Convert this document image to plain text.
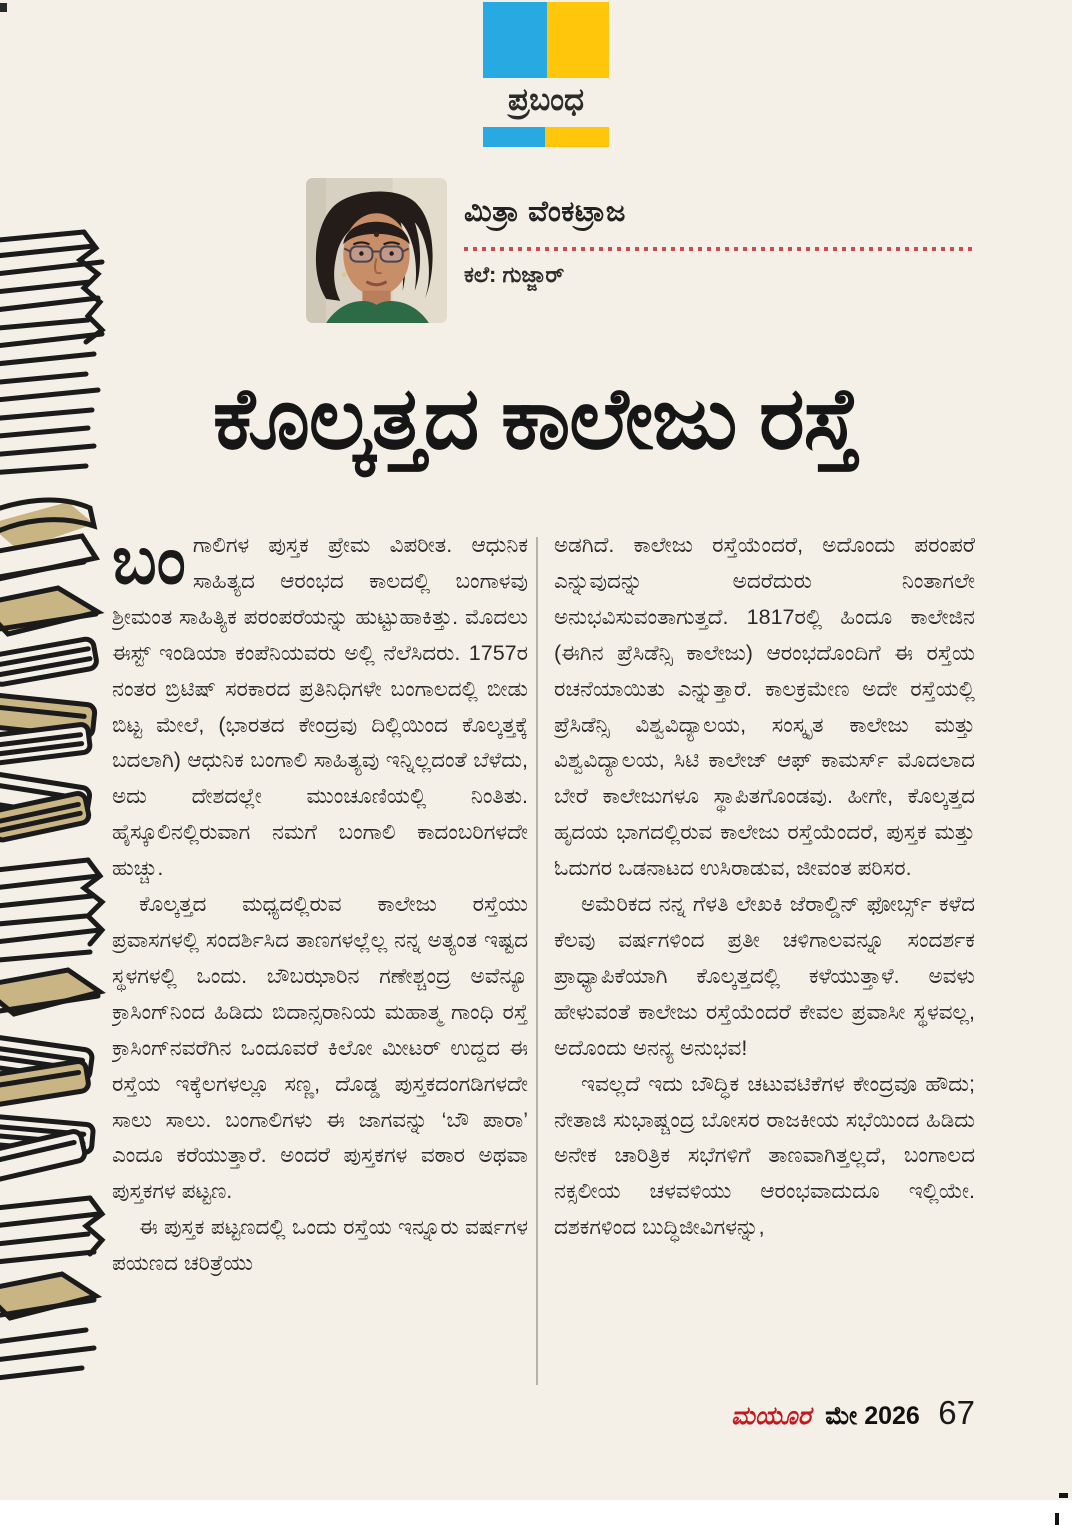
ಪ್ರಬಂಧ
ಮಿತ್ರಾ ವೆಂಕಟ್ರಾಜ
ಕಲೆ: ಗುಜ್ಜಾರ್
ಕೊಲ್ಕತ್ತದ ಕಾಲೇಜು ರಸ್ತೆ

ಬಂಗಾಲಿಗಳ ಪುಸ್ತಕ ಪ್ರೇಮ ವಿಪರೀತ. ಆಧುನಿಕ ಸಾಹಿತ್ಯದ ಆರಂಭದ ಕಾಲದಲ್ಲಿ ಬಂಗಾಳವು ಶ್ರೀಮಂತ ಸಾಹಿತ್ಯಿಕ ಪರಂಪರೆಯನ್ನು ಹುಟ್ಟುಹಾಕಿತ್ತು. ಮೊದಲು ಈಸ್ಟ್ ಇಂಡಿಯಾ ಕಂಪೆನಿಯವರು ಅಲ್ಲಿ ನೆಲೆಸಿದರು. 1757ರ ನಂತರ ಬ್ರಿಟಿಷ್ ಸರಕಾರದ ಪ್ರತಿನಿಧಿಗಳೇ ಬಂಗಾಲದಲ್ಲಿ ಬೀಡು ಬಿಟ್ಟ ಮೇಲೆ, (ಭಾರತದ ಕೇಂದ್ರವು ದಿಲ್ಲಿಯಿಂದ ಕೊಲ್ಕತ್ತಕ್ಕೆ ಬದಲಾಗಿ) ಆಧುನಿಕ ಬಂಗಾಲಿ ಸಾಹಿತ್ಯವು ಇನ್ನಿಲ್ಲದಂತೆ ಬೆಳೆದು, ಅದು ದೇಶದಲ್ಲೇ ಮುಂಚೂಣಿಯಲ್ಲಿ ನಿಂತಿತು. ಹೈಸ್ಕೂಲಿನಲ್ಲಿರುವಾಗ ನಮಗೆ ಬಂಗಾಲಿ ಕಾದಂಬರಿಗಳದೇ ಹುಚ್ಚು.

ಕೊಲ್ಕತ್ತದ ಮಧ್ಯದಲ್ಲಿರುವ ಕಾಲೇಜು ರಸ್ತೆಯು ಪ್ರವಾಸಗಳಲ್ಲಿ ಸಂದರ್ಶಿಸಿದ ತಾಣಗಳಲ್ಲೆಲ್ಲ ನನ್ನ ಅತ್ಯಂತ ಇಷ್ಟದ ಸ್ಥಳಗಳಲ್ಲಿ ಒಂದು. ಬೌಬಝಾರಿನ ಗಣೇಶ್ಚಂದ್ರ ಅವೆನ್ಯೂ ಕ್ರಾಸಿಂಗ್‌ನಿಂದ ಹಿಡಿದು ಬಿದಾನ್ಸರಾನಿಯ ಮಹಾತ್ಮ ಗಾಂಧಿ ರಸ್ತೆ ಕ್ರಾಸಿಂಗ್‌ನವರೆಗಿನ ಒಂದೂವರೆ ಕಿಲೋ ಮೀಟರ್ ಉದ್ದದ ಈ ರಸ್ತೆಯ ಇಕ್ಕೆಲಗಳಲ್ಲೂ ಸಣ್ಣ, ದೊಡ್ಡ ಪುಸ್ತಕದಂಗಡಿಗಳದೇ ಸಾಲು ಸಾಲು. ಬಂಗಾಲಿಗಳು ಈ ಜಾಗವನ್ನು ‘ಬೌ ಪಾರಾ’ ಎಂದೂ ಕರೆಯುತ್ತಾರೆ. ಅಂದರೆ ಪುಸ್ತಕಗಳ ವಠಾರ ಅಥವಾ ಪುಸ್ತಕಗಳ ಪಟ್ಟಣ.

ಈ ಪುಸ್ತಕ ಪಟ್ಟಣದಲ್ಲಿ ಒಂದು ರಸ್ತೆಯ ಇನ್ನೂರು ವರ್ಷಗಳ ಪಯಣದ ಚರಿತ್ರೆಯು

ಅಡಗಿದೆ. ಕಾಲೇಜು ರಸ್ತೆಯೆಂದರೆ, ಅದೊಂದು ಪರಂಪರೆ ಎನ್ನುವುದನ್ನು ಅದರೆದುರು ನಿಂತಾಗಲೇ ಅನುಭವಿಸುವಂತಾಗುತ್ತದೆ. 1817ರಲ್ಲಿ ಹಿಂದೂ ಕಾಲೇಜಿನ (ಈಗಿನ ಪ್ರೆಸಿಡೆನ್ಸಿ ಕಾಲೇಜು) ಆರಂಭದೊಂದಿಗೆ ಈ ರಸ್ತೆಯ ರಚನೆಯಾಯಿತು ಎನ್ನುತ್ತಾರೆ. ಕಾಲಕ್ರಮೇಣ ಅದೇ ರಸ್ತೆಯಲ್ಲಿ ಪ್ರೆಸಿಡೆನ್ಸಿ ವಿಶ್ವವಿದ್ಯಾಲಯ, ಸಂಸ್ಕೃತ ಕಾಲೇಜು ಮತ್ತು ವಿಶ್ವವಿದ್ಯಾಲಯ, ಸಿಟಿ ಕಾಲೇಜ್ ಆಫ್ ಕಾಮರ್ಸ್ ಮೊದಲಾದ ಬೇರೆ ಕಾಲೇಜುಗಳೂ ಸ್ಥಾಪಿತಗೊಂಡವು. ಹೀಗೇ, ಕೊಲ್ಕತ್ತದ ಹೃದಯ ಭಾಗದಲ್ಲಿರುವ ಕಾಲೇಜು ರಸ್ತೆಯೆಂದರೆ, ಪುಸ್ತಕ ಮತ್ತು ಓದುಗರ ಒಡನಾಟದ ಉಸಿರಾಡುವ, ಜೀವಂತ ಪರಿಸರ.

ಅಮೆರಿಕದ ನನ್ನ ಗೆಳತಿ ಲೇಖಕಿ ಜೆರಾಲ್ಡಿನ್ ಫೋರ್ಬ್ಸ್ ಕಳೆದ ಕೆಲವು ವರ್ಷಗಳಿಂದ ಪ್ರತೀ ಚಳಿಗಾಲವನ್ನೂ ಸಂದರ್ಶಕ ಪ್ರಾಧ್ಯಾಪಿಕೆಯಾಗಿ ಕೊಲ್ಕತ್ತದಲ್ಲಿ ಕಳೆಯುತ್ತಾಳೆ. ಅವಳು ಹೇಳುವಂತೆ ಕಾಲೇಜು ರಸ್ತೆಯೆಂದರೆ ಕೇವಲ ಪ್ರವಾಸೀ ಸ್ಥಳವಲ್ಲ, ಅದೊಂದು ಅನನ್ಯ ಅನುಭವ!

ಇವಲ್ಲದೆ ಇದು ಬೌದ್ಧಿಕ ಚಟುವಟಿಕೆಗಳ ಕೇಂದ್ರವೂ ಹೌದು; ನೇತಾಜಿ ಸುಭಾಷ್ಚಂದ್ರ ಬೋಸರ ರಾಜಕೀಯ ಸಭೆಯಿಂದ ಹಿಡಿದು ಅನೇಕ ಚಾರಿತ್ರಿಕ ಸಭೆಗಳಿಗೆ ತಾಣವಾಗಿತ್ತಲ್ಲದೆ, ಬಂಗಾಲದ ನಕ್ಸಲೀಯ ಚಳವಳಿಯು ಆರಂಭವಾದುದೂ ಇಲ್ಲಿಯೇ. ದಶಕಗಳಿಂದ ಬುದ್ಧಿಜೀವಿಗಳನ್ನು,

ಮಯೂರ ಮೇ 2026 67
